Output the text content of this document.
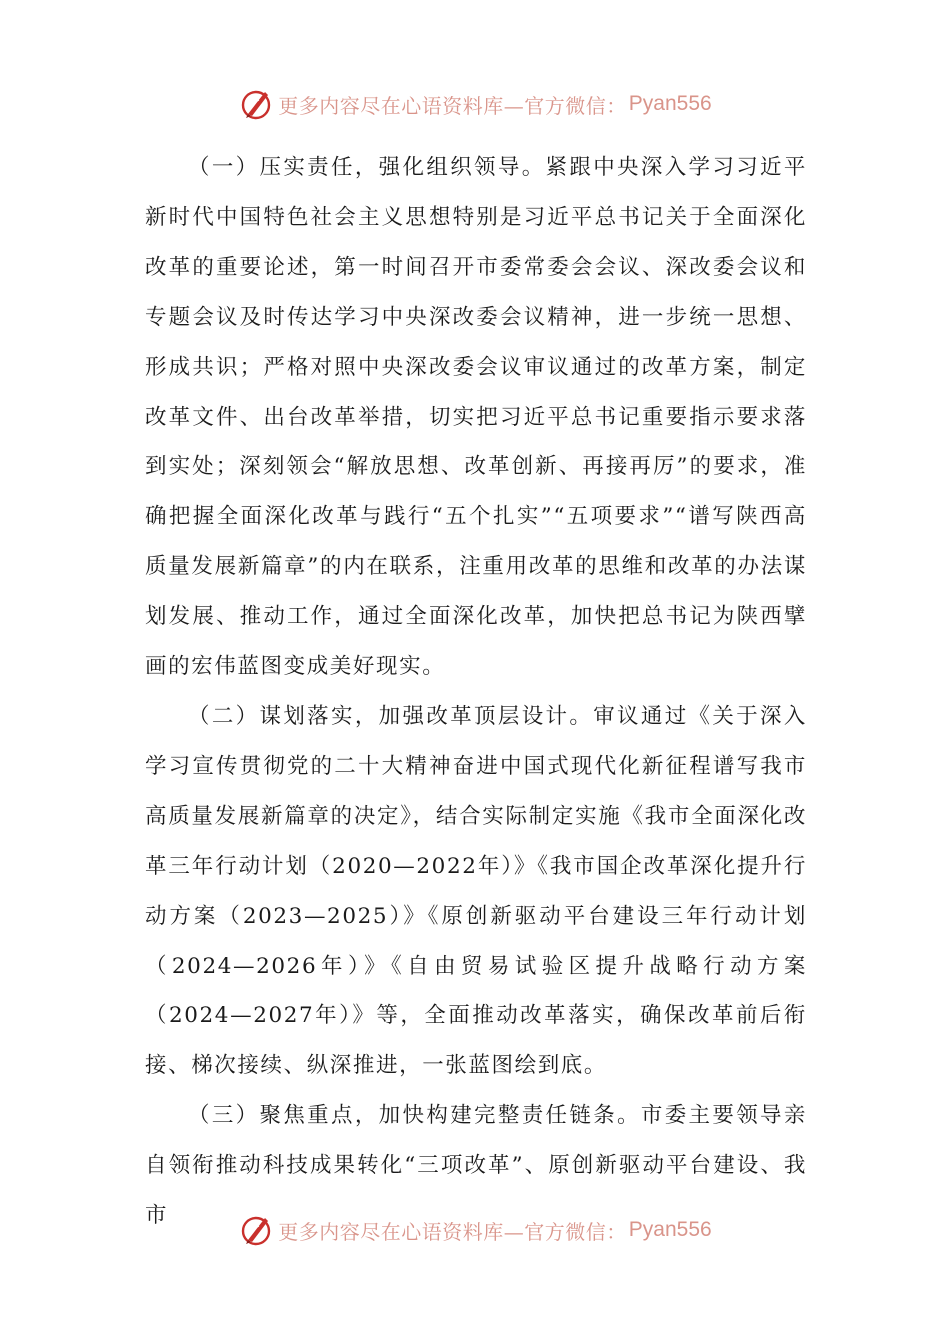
更多内容尽在心语资料库—官方微信： Pyan556

（一）压实责任，强化组织领导。紧跟中央深入学习习近平新时代中国特色社会主义思想特别是习近平总书记关于全面深化改革的重要论述，第一时间召开市委常委会会议、深改委会议和专题会议及时传达学习中央深改委会议精神，进一步统一思想、形成共识；严格对照中央深改委会议审议通过的改革方案，制定改革文件、出台改革举措，切实把习近平总书记重要指示要求落到实处；深刻领会“解放思想、改革创新、再接再厉”的要求，准确把握全面深化改革与践行“五个扎实”“五项要求”“谱写陕西高质量发展新篇章”的内在联系，注重用改革的思维和改革的办法谋划发展、推动工作，通过全面深化改革，加快把总书记为陕西擘画的宏伟蓝图变成美好现实。

（二）谋划落实，加强改革顶层设计。审议通过《关于深入学习宣传贯彻党的二十大精神奋进中国式现代化新征程谱写我市高质量发展新篇章的决定》，结合实际制定实施《我市全面深化改革三年行动计划（2020—2022年）》《我市国企改革深化提升行动方案（2023—2025）》《原创新驱动平台建设三年行动计划（2024—2026年）》《自由贸易试验区提升战略行动方案（2024—2027年）》等，全面推动改革落实，确保改革前后衔接、梯次接续、纵深推进，一张蓝图绘到底。

（三）聚焦重点，加快构建完整责任链条。市委主要领导亲自领衔推动科技成果转化“三项改革”、原创新驱动平台建设、我市

更多内容尽在心语资料库—官方微信： Pyan556
